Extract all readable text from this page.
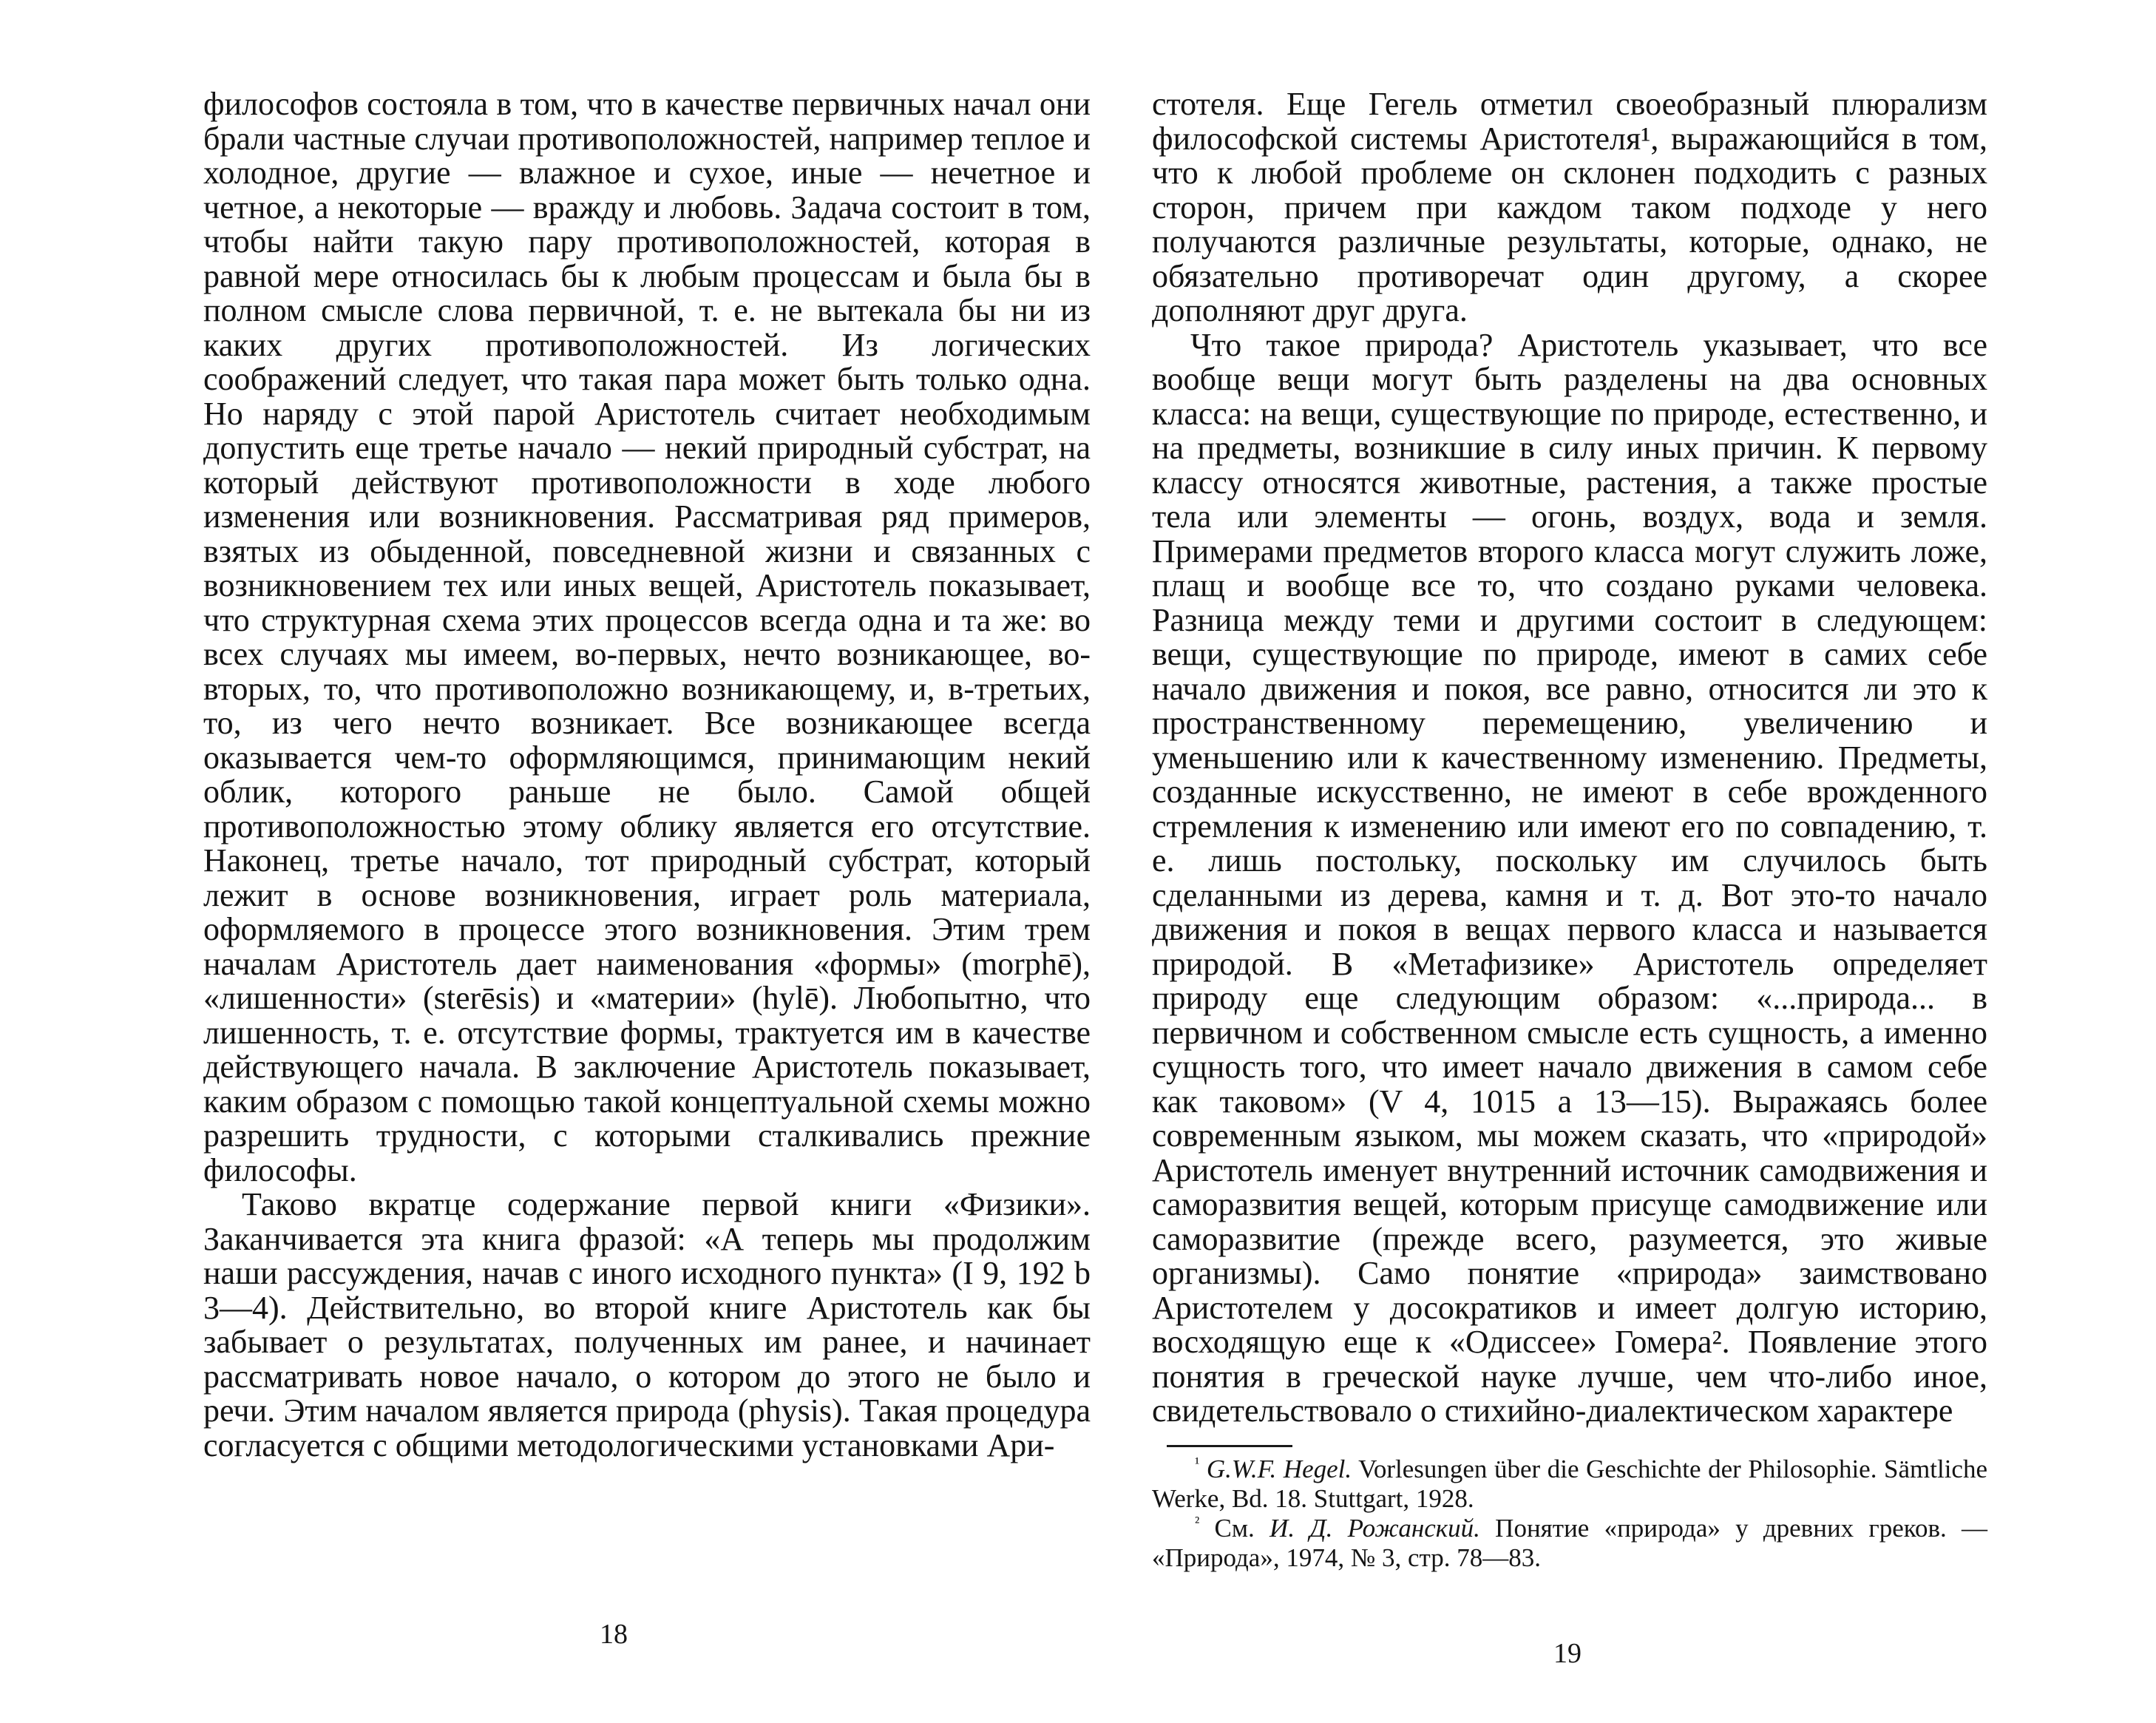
философов состояла в том, что в качестве первичных начал они брали частные случаи противоположностей, например теплое и холодное, другие — влажное и сухое, иные — нечетное и четное, а некоторые — вражду и любовь. Задача состоит в том, чтобы найти такую пару противоположностей, которая в равной мере относилась бы к любым процессам и была бы в полном смысле слова первичной, т. е. не вытекала бы ни из каких других противоположностей. Из логических соображений следует, что такая пара может быть только одна. Но наряду с этой парой Аристотель считает необходимым допустить еще третье начало — некий природный субстрат, на который действуют противоположности в ходе любого изменения или возникновения. Рассматривая ряд примеров, взятых из обыденной, повседневной жизни и связанных с возникновением тех или иных вещей, Аристотель показывает, что структурная схема этих процессов всегда одна и та же: во всех случаях мы имеем, во-первых, нечто возникающее, во-вторых, то, что противоположно возникающему, и, в-третьих, то, из чего нечто возникает. Все возникающее всегда оказывается чем-то оформляющимся, принимающим некий облик, которого раньше не было. Самой общей противоположностью этому облику является его отсутствие. Наконец, третье начало, тот природный субстрат, который лежит в основе возникновения, играет роль материала, оформляемого в процессе этого возникновения. Этим трем началам Аристотель дает наименования «формы» (morphē), «лишенности» (sterēsis) и «материи» (hylē). Любопытно, что лишенность, т. е. отсутствие формы, трактуется им в качестве действующего начала. В заключение Аристотель показывает, каким образом с помощью такой концептуальной схемы можно разрешить трудности, с которыми сталкивались прежние философы.

Таково вкратце содержание первой книги «Физики». Заканчивается эта книга фразой: «А теперь мы продолжим наши рассуждения, начав с иного исходного пункта» (I 9, 192 b 3—4). Действительно, во второй книге Аристотель как бы забывает о результатах, полученных им ранее, и начинает рассматривать новое начало, о котором до этого не было и речи. Этим началом является природа (physis). Такая процедура согласуется с общими методологическими установками Ари-

18

стотеля. Еще Гегель отметил своеобразный плюрализм философской системы Аристотеля¹, выражающийся в том, что к любой проблеме он склонен подходить с разных сторон, причем при каждом таком подходе у него получаются различные результаты, которые, однако, не обязательно противоречат один другому, а скорее дополняют друг друга.

Что такое природа? Аристотель указывает, что все вообще вещи могут быть разделены на два основных класса: на вещи, существующие по природе, естественно, и на предметы, возникшие в силу иных причин. К первому классу относятся животные, растения, а также простые тела или элементы — огонь, воздух, вода и земля. Примерами предметов второго класса могут служить ложе, плащ и вообще все то, что создано руками человека. Разница между теми и другими состоит в следующем: вещи, существующие по природе, имеют в самих себе начало движения и покоя, все равно, относится ли это к пространственному перемещению, увеличению и уменьшению или к качественному изменению. Предметы, созданные искусственно, не имеют в себе врожденного стремления к изменению или имеют его по совпадению, т. е. лишь постольку, поскольку им случилось быть сделанными из дерева, камня и т. д. Вот это-то начало движения и покоя в вещах первого класса и называется природой. В «Метафизике» Аристотель определяет природу еще следующим образом: «...природа... в первичном и собственном смысле есть сущность, а именно сущность того, что имеет начало движения в самом себе как таковом» (V 4, 1015 a 13—15). Выражаясь более современным языком, мы можем сказать, что «природой» Аристотель именует внутренний источник самодвижения и саморазвития вещей, которым присуще самодвижение или саморазвитие (прежде всего, разумеется, это живые организмы). Само понятие «природа» заимствовано Аристотелем у досократиков и имеет долгую историю, восходящую еще к «Одиссее» Гомера². Появление этого понятия в греческой науке лучше, чем что-либо иное, свидетельствовало о стихийно-диалектическом характере

$^{^1}$ G.W.F. Hegel. Vorlesungen über die Geschichte der Philosophie. Sämtliche Werke, Bd. 18. Stuttgart, 1928.

$^{^2}$ См. И. Д. Рожанский. Понятие «природа» у древних греков. — «Природа», 1974, № 3, стр. 78—83.

19
